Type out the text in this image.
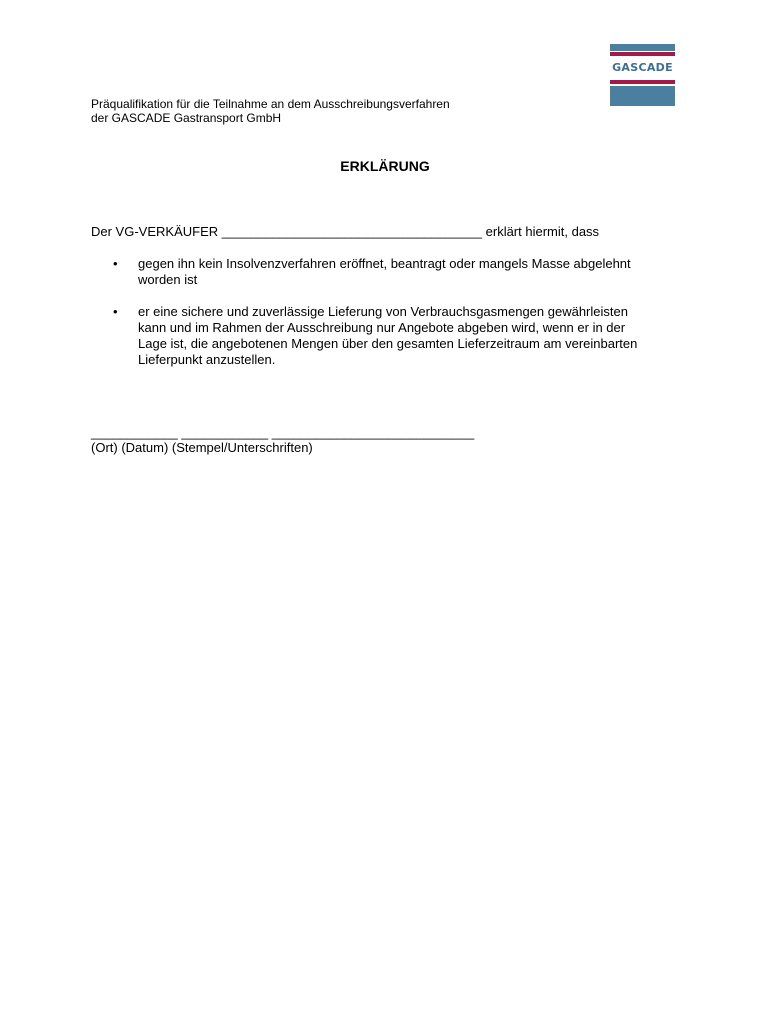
GASCADE
Präqualifikation für die Teilnahme an dem Ausschreibungsverfahren
der GASCADE Gastransport GmbH
ERKLÄRUNG
Der VG-VERKÄUFER ____________________________________ erklärt hiermit, dass
•	gegen ihn kein Insolvenzverfahren eröffnet, beantragt oder mangels Masse abgelehnt
worden ist
•	er eine sichere und zuverlässige Lieferung von Verbrauchsgasmengen gewährleisten
kann und im Rahmen der Ausschreibung nur Angebote abgeben wird, wenn er in der
Lage ist, die angebotenen Mengen über den gesamten Lieferzeitraum am vereinbarten
Lieferpunkt anzustellen.
____________ ____________ ____________________________
(Ort) (Datum) (Stempel/Unterschriften)
